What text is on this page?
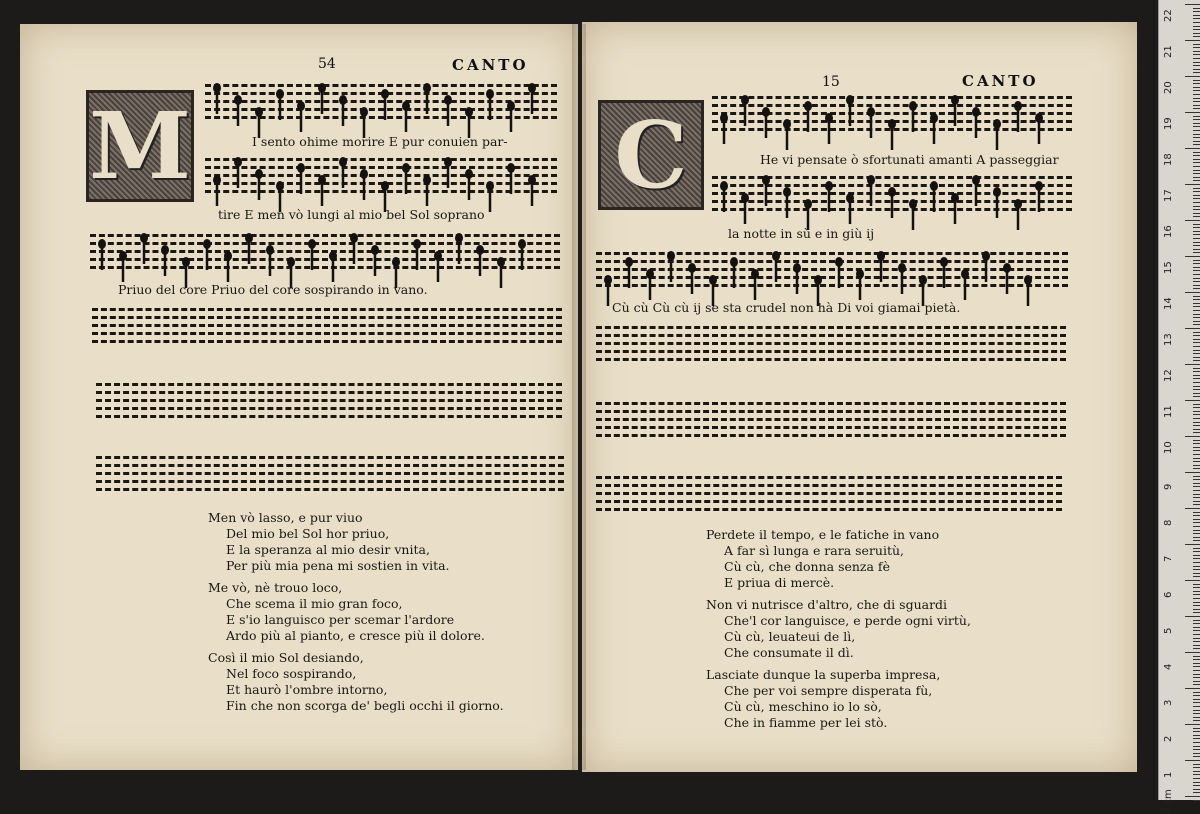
54	CANTO
M	I sento ohime morire E pur conuien par-
tire E men vò lungi al mio bel Sol soprano
Priuo del core Priuo del core sospirando in vano.
Men vò lasso, e pur viuo
Del mio bel Sol hor priuo,
E la speranza al mio desir vnita,
Per più mia pena mi sostien in vita.
Me vò, nè trouo loco,
Che scema il mio gran foco,
E s'io languisco per scemar l'ardore
Ardo più al pianto, e cresce più il dolore.
Così il mio Sol desiando,
Nel foco sospirando,
Et haurò l'ombre intorno,
Fin che non scorga de' begli occhi il giorno.
15	CANTO
C	He vi pensate ò sfortunati amanti A passeggiar
la notte in sù e in giù ij
Cù cù Cù cù ij se sta crudel non hà Di voi giamai pietà.
Perdete il tempo, e le fatiche in vano
A far sì lunga e rara seruitù,
Cù cù, che donna senza fè
E priua di mercè.
Non vi nutrisce d'altro, che di sguardi
Che'l cor languisce, e perde ogni virtù,
Cù cù, leuateui de lì,
Che consumate il dì.
Lasciate dunque la superba impresa,
Che per voi sempre disperata fù,
Cù cù, meschino io lo sò,
Che in fiamme per lei stò.
22
21
20
19
18
17
16
15
14
13
12
11
10
9
8
7
6
5
4
3
2
1
0 cm
